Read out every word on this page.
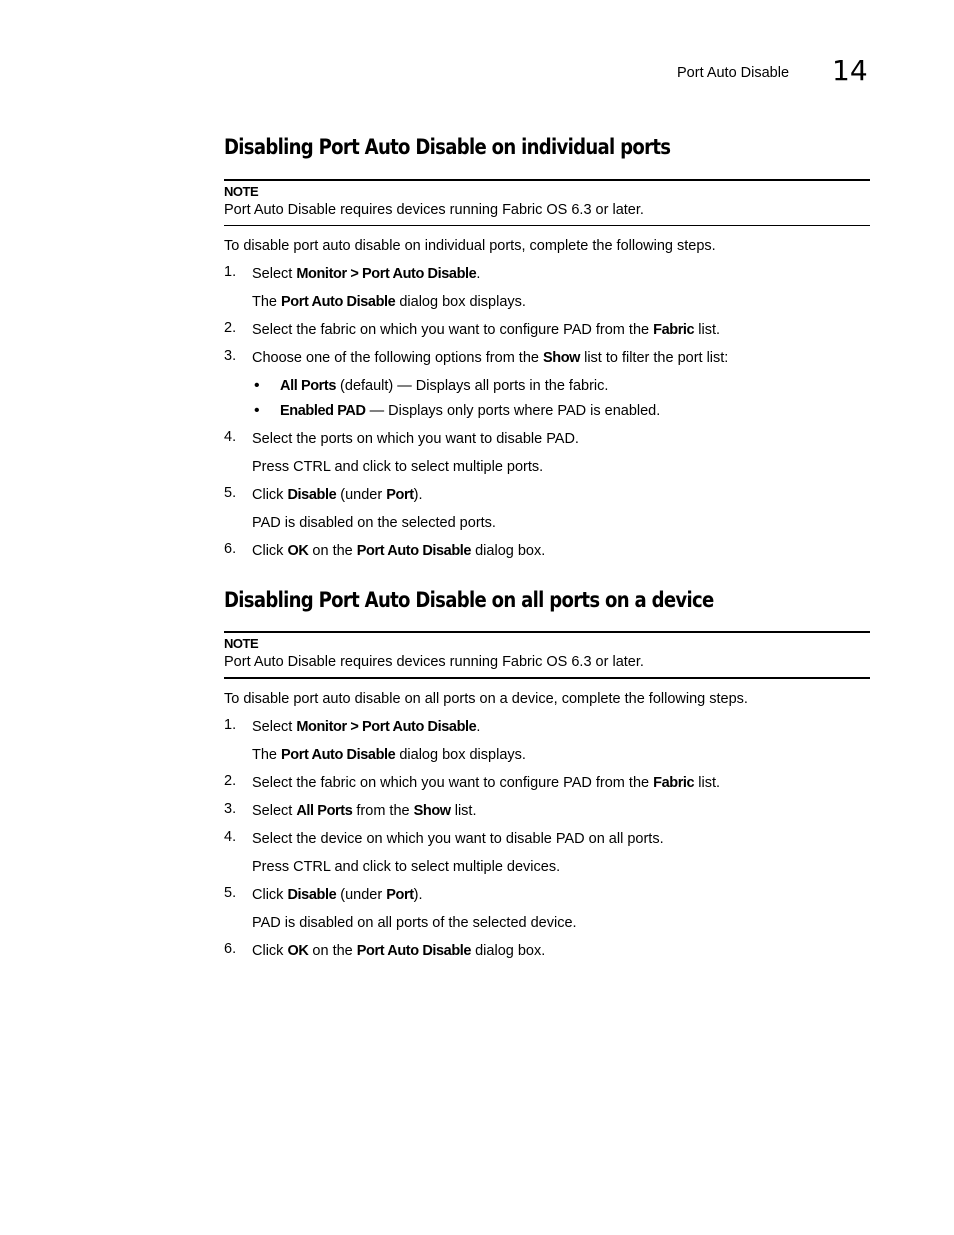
Port Auto Disable 14
Disabling Port Auto Disable on individual ports
NOTE
Port Auto Disable requires devices running Fabric OS 6.3 or later.
To disable port auto disable on individual ports, complete the following steps.
1. Select Monitor > Port Auto Disable.
The Port Auto Disable dialog box displays.
2. Select the fabric on which you want to configure PAD from the Fabric list.
3. Choose one of the following options from the Show list to filter the port list:
• All Ports (default) — Displays all ports in the fabric.
• Enabled PAD — Displays only ports where PAD is enabled.
4. Select the ports on which you want to disable PAD.
Press CTRL and click to select multiple ports.
5. Click Disable (under Port).
PAD is disabled on the selected ports.
6. Click OK on the Port Auto Disable dialog box.
Disabling Port Auto Disable on all ports on a device
NOTE
Port Auto Disable requires devices running Fabric OS 6.3 or later.
To disable port auto disable on all ports on a device, complete the following steps.
1. Select Monitor > Port Auto Disable.
The Port Auto Disable dialog box displays.
2. Select the fabric on which you want to configure PAD from the Fabric list.
3. Select All Ports from the Show list.
4. Select the device on which you want to disable PAD on all ports.
Press CTRL and click to select multiple devices.
5. Click Disable (under Port).
PAD is disabled on all ports of the selected device.
6. Click OK on the Port Auto Disable dialog box.
